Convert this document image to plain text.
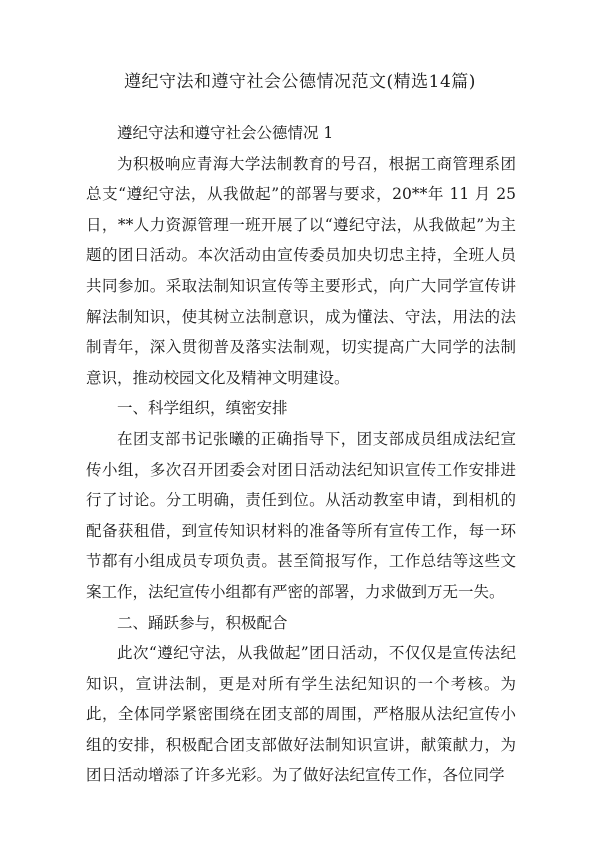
遵纪守法和遵守社会公德情况范文(精选14篇)

遵纪守法和遵守社会公德情况 1

为积极响应青海大学法制教育的号召，根据工商管理系团总支“遵纪守法，从我做起”的部署与要求，20**年 11 月 25 日，**人力资源管理一班开展了以“遵纪守法，从我做起”为主题的团日活动。本次活动由宣传委员加央切忠主持，全班人员共同参加。采取法制知识宣传等主要形式，向广大同学宣传讲解法制知识，使其树立法制意识，成为懂法、守法，用法的法制青年，深入贯彻普及落实法制观，切实提高广大同学的法制意识，推动校园文化及精神文明建设。

一、科学组织，缜密安排

在团支部书记张曦的正确指导下，团支部成员组成法纪宣传小组，多次召开团委会对团日活动法纪知识宣传工作安排进行了讨论。分工明确，责任到位。从活动教室申请，到相机的配备获租借，到宣传知识材料的准备等所有宣传工作，每一环节都有小组成员专项负责。甚至简报写作，工作总结等这些文案工作，法纪宣传小组都有严密的部署，力求做到万无一失。

二、踊跃参与，积极配合

此次“遵纪守法，从我做起”团日活动，不仅仅是宣传法纪知识，宣讲法制，更是对所有学生法纪知识的一个考核。为此，全体同学紧密围绕在团支部的周围，严格服从法纪宣传小组的安排，积极配合团支部做好法制知识宣讲，献策献力，为团日活动增添了许多光彩。为了做好法纪宣传工作，各位同学
